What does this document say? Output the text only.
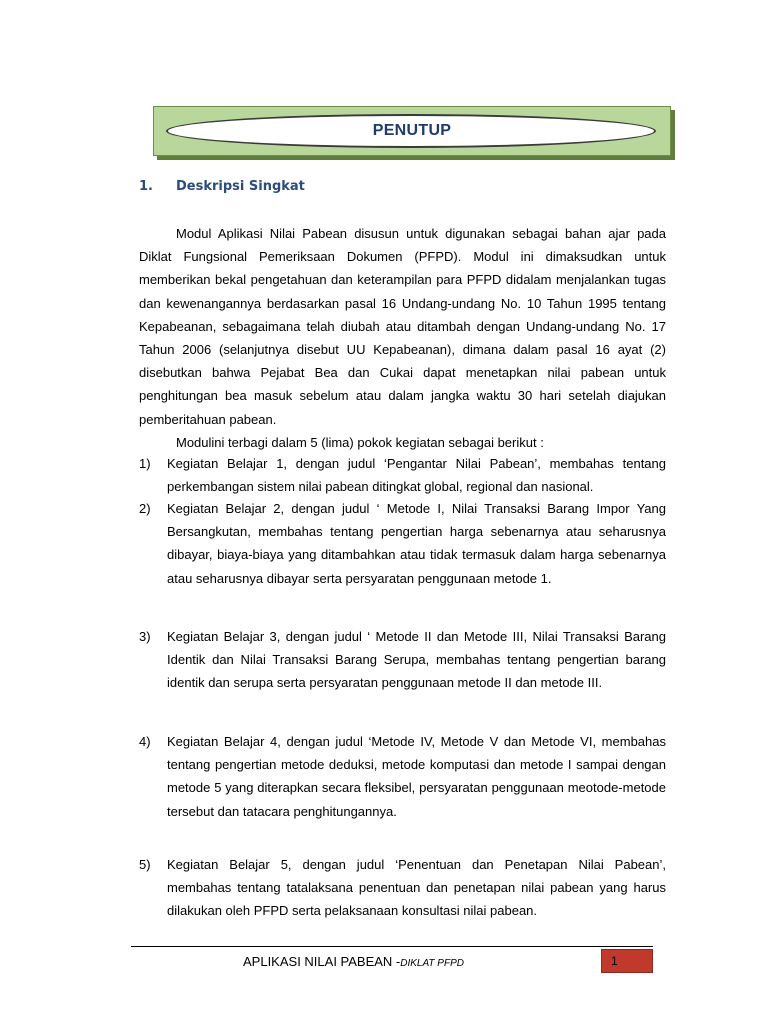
PENUTUP
1. Deskripsi Singkat

Modul Aplikasi Nilai Pabean disusun untuk digunakan sebagai bahan ajar pada Diklat Fungsional Pemeriksaan Dokumen (PFPD). Modul ini dimaksudkan untuk memberikan bekal pengetahuan dan keterampilan para PFPD didalam menjalankan tugas dan kewenangannya berdasarkan pasal 16 Undang-undang No. 10 Tahun 1995 tentang Kepabeanan, sebagaimana telah diubah atau ditambah dengan Undang-undang No. 17 Tahun 2006 (selanjutnya disebut UU Kepabeanan), dimana dalam pasal 16 ayat (2) disebutkan bahwa Pejabat Bea dan Cukai dapat menetapkan nilai pabean untuk penghitungan bea masuk sebelum atau dalam jangka waktu 30 hari setelah diajukan pemberitahuan pabean.

Modulini terbagi dalam 5 (lima) pokok kegiatan sebagai berikut :

1)	Kegiatan Belajar 1, dengan judul ‘Pengantar Nilai Pabean’, membahas tentang perkembangan sistem nilai pabean ditingkat global, regional dan nasional.

2)	Kegiatan Belajar 2, dengan judul ‘ Metode I, Nilai Transaksi Barang Impor Yang Bersangkutan, membahas tentang pengertian harga sebenarnya atau seharusnya dibayar, biaya-biaya yang ditambahkan atau tidak termasuk dalam harga sebenarnya atau seharusnya dibayar serta persyaratan penggunaan metode 1.

3)	Kegiatan Belajar 3, dengan judul ‘ Metode II dan Metode III, Nilai Transaksi Barang Identik dan Nilai Transaksi Barang Serupa, membahas tentang pengertian barang identik dan serupa serta persyaratan penggunaan metode II dan metode III.

4)	Kegiatan Belajar 4, dengan judul ‘Metode IV, Metode V dan Metode VI, membahas tentang pengertian metode deduksi, metode komputasi dan metode I sampai dengan metode 5 yang diterapkan secara fleksibel, persyaratan penggunaan meotode-metode tersebut dan tatacara penghitungannya.

5)	Kegiatan Belajar 5, dengan judul ‘Penentuan dan Penetapan Nilai Pabean’, membahas tentang tatalaksana penentuan dan penetapan nilai pabean yang harus dilakukan oleh PFPD serta pelaksanaan konsultasi nilai pabean.

APLIKASI NILAI PABEAN -DIKLAT PFPD	1
